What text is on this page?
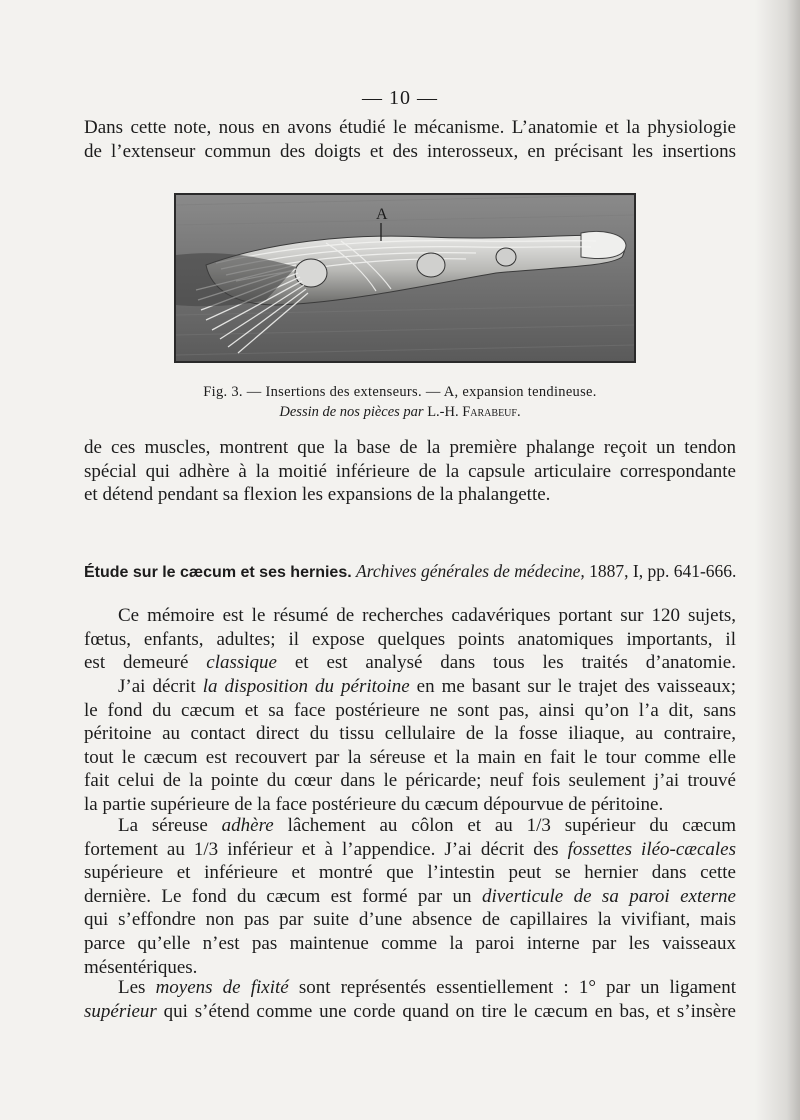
— 10 —

Dans cette note, nous en avons étudié le mécanisme. L’anatomie et la physiologie
de l’extenseur commun des doigts et des interosseux, en précisant les insertions

A
Fig. 3. — Insertions des extenseurs. — A, expansion tendineuse.
Dessin de nos pièces par L.-H. Farabeuf.

de ces muscles, montrent que la base de la première phalange reçoit un tendon
spécial qui adhère à la moitié inférieure de la capsule articulaire correspondante
et détend pendant sa flexion les expansions de la phalangette.

Étude sur le cæcum et ses hernies. Archives générales de médecine, 1887, I, pp. 641-666.

Ce mémoire est le résumé de recherches cadavériques portant sur 120 sujets,
fœtus, enfants, adultes; il expose quelques points anatomiques importants, il
est demeuré classique et est analysé dans tous les traités d’anatomie.

J’ai décrit la disposition du péritoine en me basant sur le trajet des vaisseaux;
le fond du cæcum et sa face postérieure ne sont pas, ainsi qu’on l’a dit, sans
péritoine au contact direct du tissu cellulaire de la fosse iliaque, au contraire,
tout le cæcum est recouvert par la séreuse et la main en fait le tour comme elle
fait celui de la pointe du cœur dans le péricarde; neuf fois seulement j’ai trouvé
la partie supérieure de la face postérieure du cæcum dépourvue de péritoine.

La séreuse adhère lâchement au côlon et au 1/3 supérieur du cæcum
fortement au 1/3 inférieur et à l’appendice. J’ai décrit des fossettes iléo-cæcales
supérieure et inférieure et montré que l’intestin peut se hernier dans cette
dernière. Le fond du cæcum est formé par un diverticule de sa paroi externe
qui s’effondre non pas par suite d’une absence de capillaires la vivifiant, mais
parce qu’elle n’est pas maintenue comme la paroi interne par les vaisseaux
mésentériques.

Les moyens de fixité sont représentés essentiellement : 1° par un ligament
supérieur qui s’étend comme une corde quand on tire le cæcum en bas, et s’insère
